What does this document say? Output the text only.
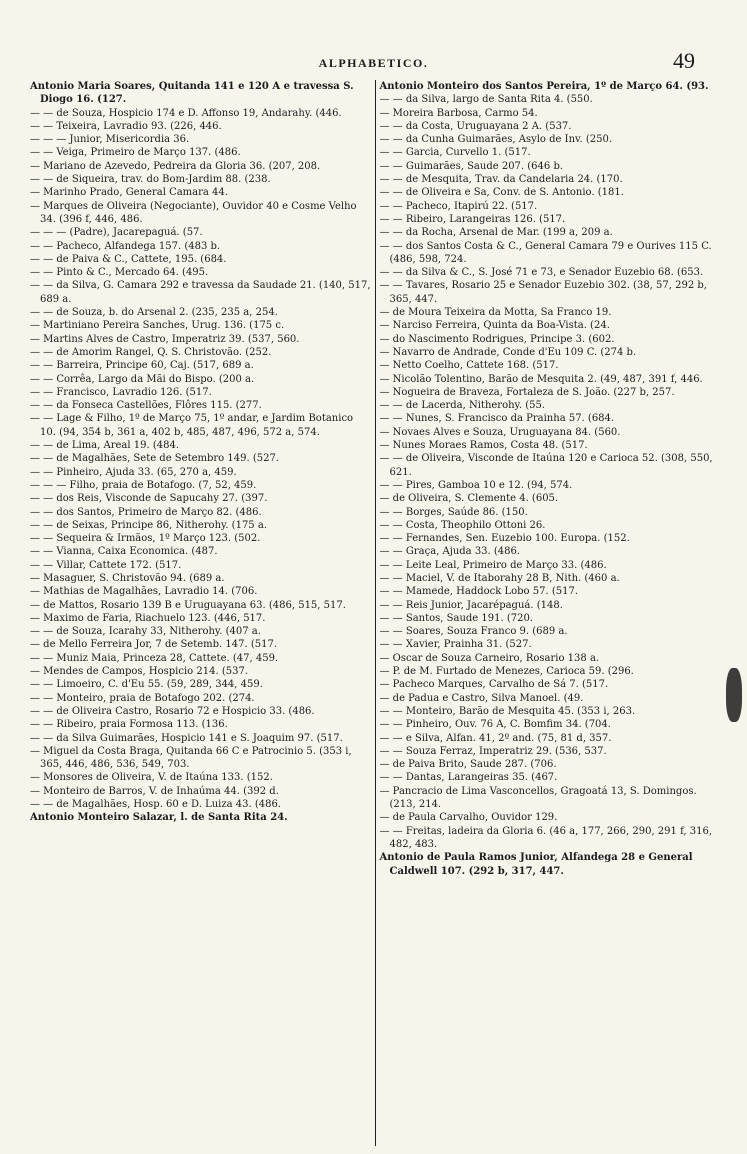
ALPHABETICO.	49

Antonio Maria Soares, Quitanda 141 e 120 A e travessa S. Diogo 16. (127.

— — de Souza, Hospicio 174 e D. Affonso 19, Andarahy. (446.

— — Teixeira, Lavradio 93. (226, 446.

— — — Junior, Misericordia 36.

— — Veiga, Primeiro de Março 137. (486.

— Mariano de Azevedo, Pedreira da Gloria 36. (207, 208.

— — de Siqueira, trav. do Bom-Jardim 88. (238.

— Marinho Prado, General Camara 44.

— Marques de Oliveira (Negociante), Ouvidor 40 e Cosme Velho 34. (396 f, 446, 486.

— — — (Padre), Jacarepaguá. (57.

— — Pacheco, Alfandega 157. (483 b.

— — de Paiva & C., Cattete, 195. (684.

— — Pinto & C., Mercado 64. (495.

— — da Silva, G. Camara 292 e travessa da Saudade 21. (140, 517, 689 a.

— — de Souza, b. do Arsenal 2. (235, 235 a, 254.

— Martiniano Pereira Sanches, Urug. 136. (175 c.

— Martins Alves de Castro, Imperatriz 39. (537, 560.

— — de Amorim Rangel, Q. S. Christovão. (252.

— — Barreira, Principe 60, Caj. (517, 689 a.

— — Corrêa, Largo da Mãi do Bispo. (200 a.

— — Francisco, Lavradio 126. (517.

— — da Fonseca Castellões, Flôres 115. (277.

— — Lage & Filho, 1º de Março 75, 1º andar, e Jardim Botanico 10. (94, 354 b, 361 a, 402 b, 485, 487, 496, 572 a, 574.

— — de Lima, Areal 19. (484.

— — de Magalhães, Sete de Setembro 149. (527.

— — Pinheiro, Ajuda 33. (65, 270 a, 459.

— — — Filho, praia de Botafogo. (7, 52, 459.

— — dos Reis, Visconde de Sapucahy 27. (397.

— — dos Santos, Primeiro de Março 82. (486.

— — de Seixas, Principe 86, Nitherohy. (175 a.

— — Sequeira & Irmãos, 1º Março 123. (502.

— — Vianna, Caixa Economica. (487.

— — Villar, Cattete 172. (517.

— Masaguer, S. Christovão 94. (689 a.

— Mathias de Magalhães, Lavradio 14. (706.

— de Mattos, Rosario 139 B e Uruguayana 63. (486, 515, 517.

— Maximo de Faria, Riachuelo 123. (446, 517.

— — de Souza, Icarahy 33, Nitherohy. (407 a.

— de Mello Ferreira Jor, 7 de Setemb. 147. (517.

— — Muniz Maia, Princeza 28, Cattete. (47, 459.

— Mendes de Campos, Hospicio 214. (537.

— — Limoeiro, C. d'Eu 55. (59, 289, 344, 459.

— — Monteiro, praia de Botafogo 202. (274.

— — de Oliveira Castro, Rosario 72 e Hospicio 33. (486.

— — Ribeiro, praia Formosa 113. (136.

— — da Silva Guimarães, Hospicio 141 e S. Joaquim 97. (517.

— Miguel da Costa Braga, Quitanda 66 C e Patrocinio 5. (353 i, 365, 446, 486, 536, 549, 703.

— Monsores de Oliveira, V. de Itaúna 133. (152.

— Monteiro de Barros, V. de Inhaúma 44. (392 d.

— — de Magalhães, Hosp. 60 e D. Luiza 43. (486.

Antonio Monteiro Salazar, l. de Santa Rita 24.

Antonio Monteiro dos Santos Pereira, 1º de Março 64. (93.

— — da Silva, largo de Santa Rita 4. (550.

— Moreira Barbosa, Carmo 54.

— — da Costa, Uruguayana 2 A. (537.

— — da Cunha Guimarães, Asylo de Inv. (250.

— — Garcia, Curvello 1. (517.

— — Guimarães, Saude 207. (646 b.

— — de Mesquita, Trav. da Candelaria 24. (170.

— — de Oliveira e Sa, Conv. de S. Antonio. (181.

— — Pacheco, Itapirú 22. (517.

— — Ribeiro, Larangeiras 126. (517.

— — da Rocha, Arsenal de Mar. (199 a, 209 a.

— — dos Santos Costa & C., General Camara 79 e Ourives 115 C. (486, 598, 724.

— — da Silva & C., S. José 71 e 73, e Senador Euzebio 68. (653.

— — Tavares, Rosario 25 e Senador Euzebio 302. (38, 57, 292 b, 365, 447.

— de Moura Teixeira da Motta, Sa Franco 19.

— Narciso Ferreira, Quinta da Boa-Vista. (24.

— do Nascimento Rodrigues, Principe 3. (602.

— Navarro de Andrade, Conde d'Eu 109 C. (274 b.

— Netto Coelho, Cattete 168. (517.

— Nicolão Tolentino, Barão de Mesquita 2. (49, 487, 391 f, 446.

— Nogueira de Braveza, Fortaleza de S. João. (227 b, 257.

— — de Lacerda, Nitherohy. (55.

— — Nunes, S. Francisco da Prainha 57. (684.

— Novaes Alves e Souza, Uruguayana 84. (560.

— Nunes Moraes Ramos, Costa 48. (517.

— — de Oliveira, Visconde de Itaúna 120 e Carioca 52. (308, 550, 621.

— — Pires, Gamboa 10 e 12. (94, 574.

— de Oliveira, S. Clemente 4. (605.

— — Borges, Saúde 86. (150.

— — Costa, Theophilo Ottoni 26.

— — Fernandes, Sen. Euzebio 100. Europa. (152.

— — Graça, Ajuda 33. (486.

— — Leite Leal, Primeiro de Março 33. (486.

— — Maciel, V. de Itaborahy 28 B, Nith. (460 a.

— — Mamede, Haddock Lobo 57. (517.

— — Reis Junior, Jacarépaguá. (148.

— — Santos, Saude 191. (720.

— — Soares, Souza Franco 9. (689 a.

— — Xavier, Prainha 31. (527.

— Oscar de Souza Carneiro, Rosario 138 a.

— P. de M. Furtado de Menezes, Carioca 59. (296.

— Pacheco Marques, Carvalho de Sá 7. (517.

— de Padua e Castro, Silva Manoel. (49.

— — Monteiro, Barão de Mesquita 45. (353 i, 263.

— — Pinheiro, Ouv. 76 A, C. Bomfim 34. (704.

— — e Silva, Alfan. 41, 2º and. (75, 81 d, 357.

— — Souza Ferraz, Imperatriz 29. (536, 537.

— de Paiva Brito, Saude 287. (706.

— — Dantas, Larangeiras 35. (467.

— Pancracio de Lima Vasconcellos, Gragoatá 13, S. Domingos. (213, 214.

— de Paula Carvalho, Ouvidor 129.

— — Freitas, ladeira da Gloria 6. (46 a, 177, 266, 290, 291 f, 316, 482, 483.

Antonio de Paula Ramos Junior, Alfandega 28 e General Caldwell 107. (292 b, 317, 447.
